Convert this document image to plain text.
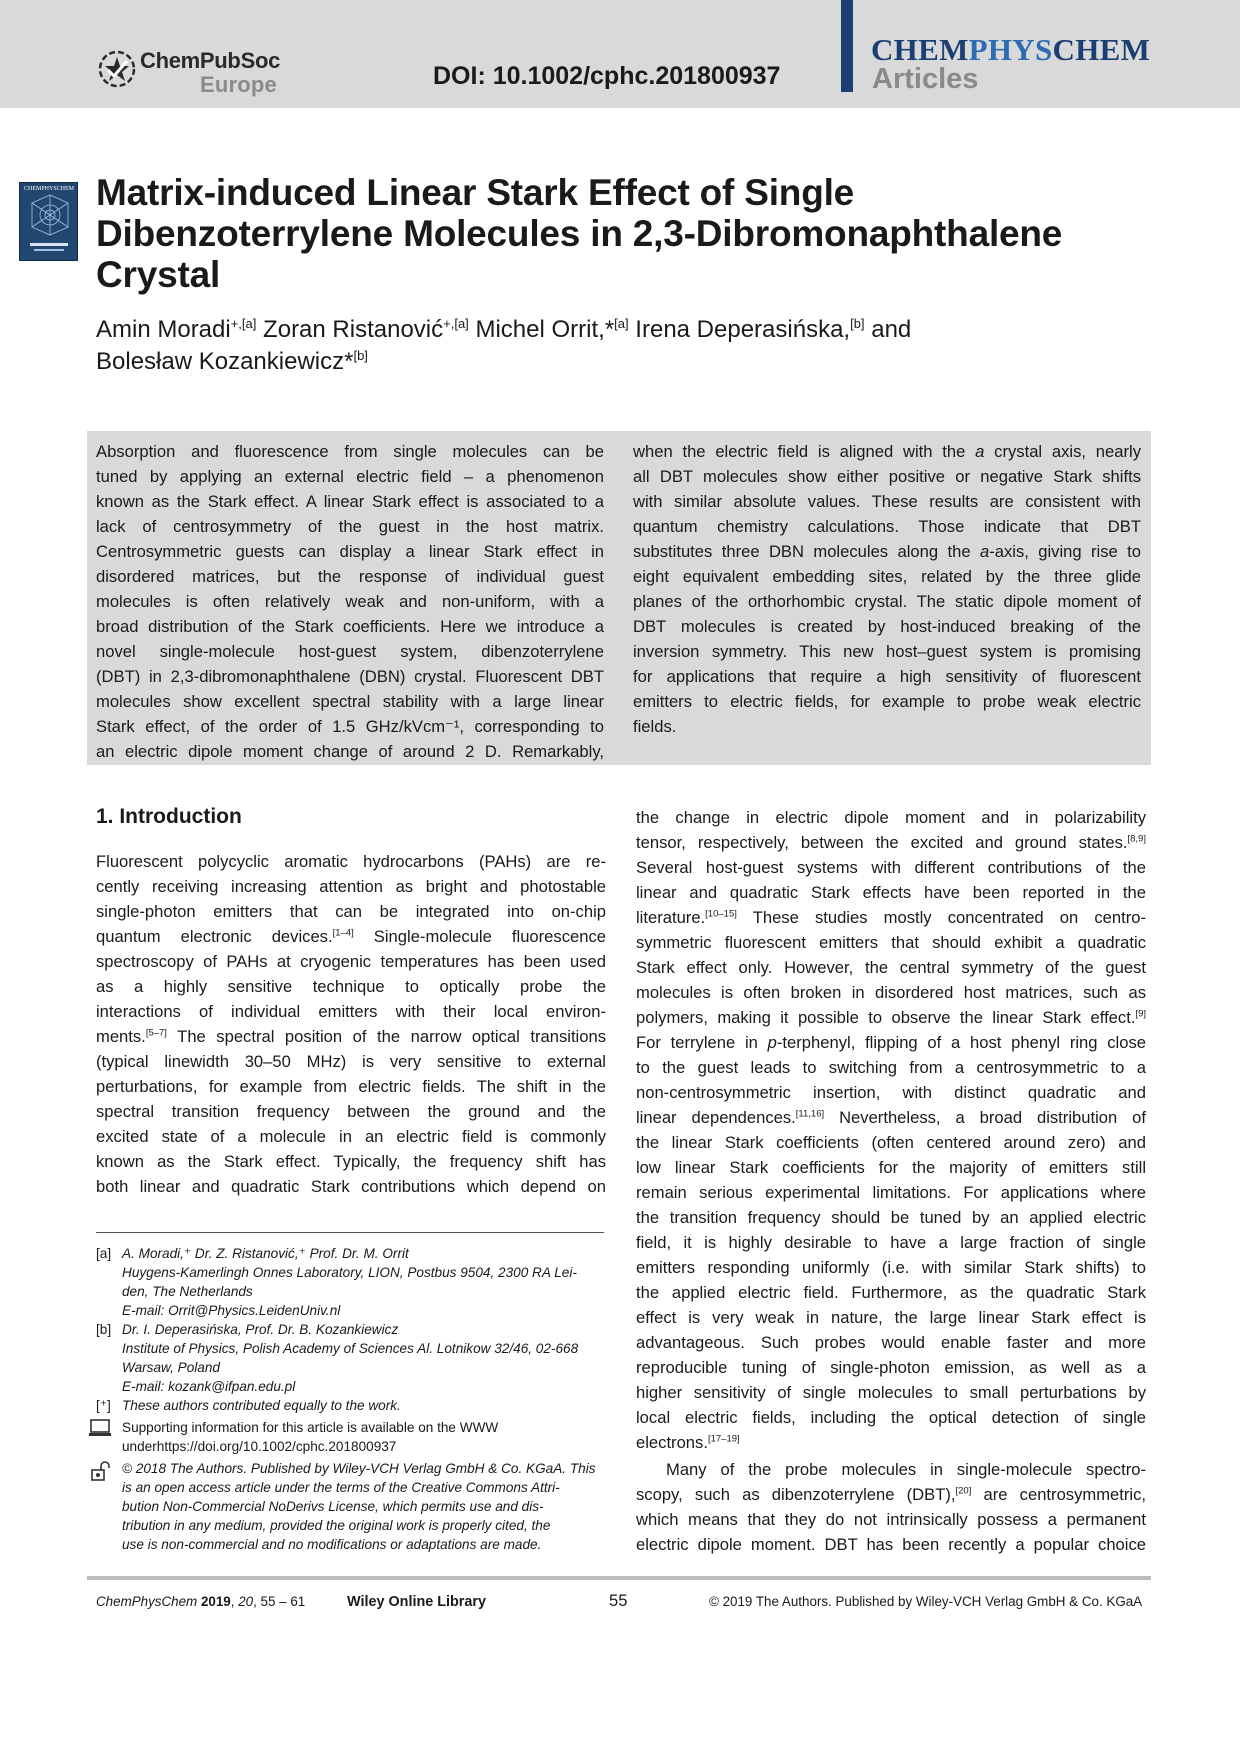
ChemPubSoc
Europe	DOI: 10.1002/cphc.201800937
CHEMPHYSCHEM
Articles
CHEMPHYSCHEM Matrix-induced Linear Stark Effect of Single
Dibenzoterrylene Molecules in 2,3-Dibromonaphthalene
Crystal
Amin Moradi$^{+,[a]}$ Zoran Ristanović$^{+,[a]}$ Michel Orrit,*[a] Irena Deperasińska,[b] and
Bolesław Kozankiewicz*[b]
Absorption and fluorescence from single molecules can be
tuned by applying an external electric field – a phenomenon
known as the Stark effect. A linear Stark effect is associated to a
lack of centrosymmetry of the guest in the host matrix.
Centrosymmetric guests can display a linear Stark effect in
disordered matrices, but the response of individual guest
molecules is often relatively weak and non-uniform, with a
broad distribution of the Stark coefficients. Here we introduce a
novel single-molecule host-guest system, dibenzoterrylene
(DBT) in 2,3-dibromonaphthalene (DBN) crystal. Fluorescent DBT
molecules show excellent spectral stability with a large linear
Stark effect, of the order of 1.5 GHz/kVcm⁻¹, corresponding to
an electric dipole moment change of around 2 D. Remarkably,
when the electric field is aligned with the a crystal axis, nearly
all DBT molecules show either positive or negative Stark shifts
with similar absolute values. These results are consistent with
quantum chemistry calculations. Those indicate that DBT
substitutes three DBN molecules along the a-axis, giving rise to
eight equivalent embedding sites, related by the three glide
planes of the orthorhombic crystal. The static dipole moment of
DBT molecules is created by host-induced breaking of the
inversion symmetry. This new host–guest system is promising
for applications that require a high sensitivity of fluorescent
emitters to electric fields, for example to probe weak electric
fields.
1. Introduction
Fluorescent polycyclic aromatic hydrocarbons (PAHs) are re-
cently receiving increasing attention as bright and photostable
single-photon emitters that can be integrated into on-chip
quantum electronic devices.[1–4] Single-molecule fluorescence
spectroscopy of PAHs at cryogenic temperatures has been used
as a highly sensitive technique to optically probe the
interactions of individual emitters with their local environ-
ments.[5–7] The spectral position of the narrow optical transitions
(typical linewidth 30–50 MHz) is very sensitive to external
perturbations, for example from electric fields. The shift in the
spectral transition frequency between the ground and the
excited state of a molecule in an electric field is commonly
known as the Stark effect. Typically, the frequency shift has
both linear and quadratic Stark contributions which depend on
the change in electric dipole moment and in polarizability
tensor, respectively, between the excited and ground states.[8,9]
Several host-guest systems with different contributions of the
linear and quadratic Stark effects have been reported in the
literature.[10–15] These studies mostly concentrated on centro-
symmetric fluorescent emitters that should exhibit a quadratic
Stark effect only. However, the central symmetry of the guest
molecules is often broken in disordered host matrices, such as
polymers, making it possible to observe the linear Stark effect.[9]
For terrylene in p-terphenyl, flipping of a host phenyl ring close
to the guest leads to switching from a centrosymmetric to a
non-centrosymmetric insertion, with distinct quadratic and
linear dependences.[11,16] Nevertheless, a broad distribution of
the linear Stark coefficients (often centered around zero) and
low linear Stark coefficients for the majority of emitters still
remain serious experimental limitations. For applications where
the transition frequency should be tuned by an applied electric
field, it is highly desirable to have a large fraction of single
emitters responding uniformly (i.e. with similar Stark shifts) to
the applied electric field. Furthermore, as the quadratic Stark
effect is very weak in nature, the large linear Stark effect is
advantageous. Such probes would enable faster and more
reproducible tuning of single-photon emission, as well as a
higher sensitivity of single molecules to small perturbations by
local electric fields, including the optical detection of single
electrons.[17–19]
Many of the probe molecules in single-molecule spectro-
scopy, such as dibenzoterrylene (DBT),[20] are centrosymmetric,
which means that they do not intrinsically possess a permanent
electric dipole moment. DBT has been recently a popular choice
[a] A. Moradi,⁺ Dr. Z. Ristanović,⁺ Prof. Dr. M. Orrit
Huygens-Kamerlingh Onnes Laboratory, LION, Postbus 9504, 2300 RA Lei-
den, The Netherlands
E-mail: Orrit@Physics.LeidenUniv.nl
[b] Dr. I. Deperasińska, Prof. Dr. B. Kozankiewicz
Institute of Physics, Polish Academy of Sciences Al. Lotnikow 32/46, 02-668
Warsaw, Poland
E-mail: kozank@ifpan.edu.pl
[⁺] These authors contributed equally to the work.
Supporting information for this article is available on the WWW underhttps://doi.org/10.1002/cphc.201800937
© 2018 The Authors. Published by Wiley-VCH Verlag GmbH & Co. KGaA. This
is an open access article under the terms of the Creative Commons Attri-
bution Non-Commercial NoDerivs License, which permits use and dis-
tribution in any medium, provided the original work is properly cited, the
use is non-commercial and no modifications or adaptations are made.
ChemPhysChem 2019, 20, 55 – 61	Wiley Online Library	55	© 2019 The Authors. Published by Wiley-VCH Verlag GmbH & Co. KGaA
